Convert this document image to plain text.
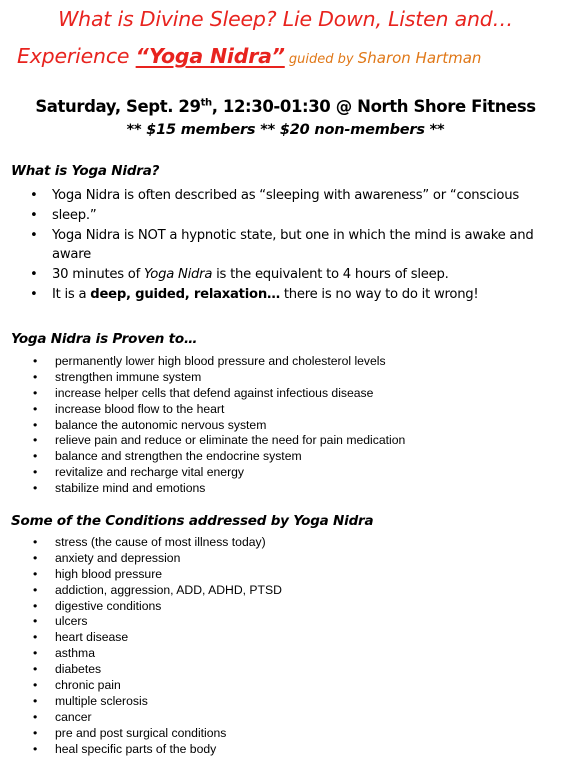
What is Divine Sleep? Lie Down, Listen and…
Experience “Yoga Nidra” guided by Sharon Hartman
Saturday, Sept. 29th, 12:30-01:30 @ North Shore Fitness
** $15 members ** $20 non-members **
What is Yoga Nidra?
• Yoga Nidra is often described as “sleeping with awareness” or “conscious
• sleep.”
• Yoga Nidra is NOT a hypnotic state, but one in which the mind is awake and
aware
• 30 minutes of Yoga Nidra is the equivalent to 4 hours of sleep.
• It is a deep, guided, relaxation… there is no way to do it wrong!
Yoga Nidra is Proven to…
• permanently lower high blood pressure and cholesterol levels
• strengthen immune system
• increase helper cells that defend against infectious disease
• increase blood flow to the heart
• balance the autonomic nervous system
• relieve pain and reduce or eliminate the need for pain medication
• balance and strengthen the endocrine system
• revitalize and recharge vital energy
• stabilize mind and emotions
Some of the Conditions addressed by Yoga Nidra
• stress (the cause of most illness today)
• anxiety and depression
• high blood pressure
• addiction, aggression, ADD, ADHD, PTSD
• digestive conditions
• ulcers
• heart disease
• asthma
• diabetes
• chronic pain
• multiple sclerosis
• cancer
• pre and post surgical conditions
• heal specific parts of the body
